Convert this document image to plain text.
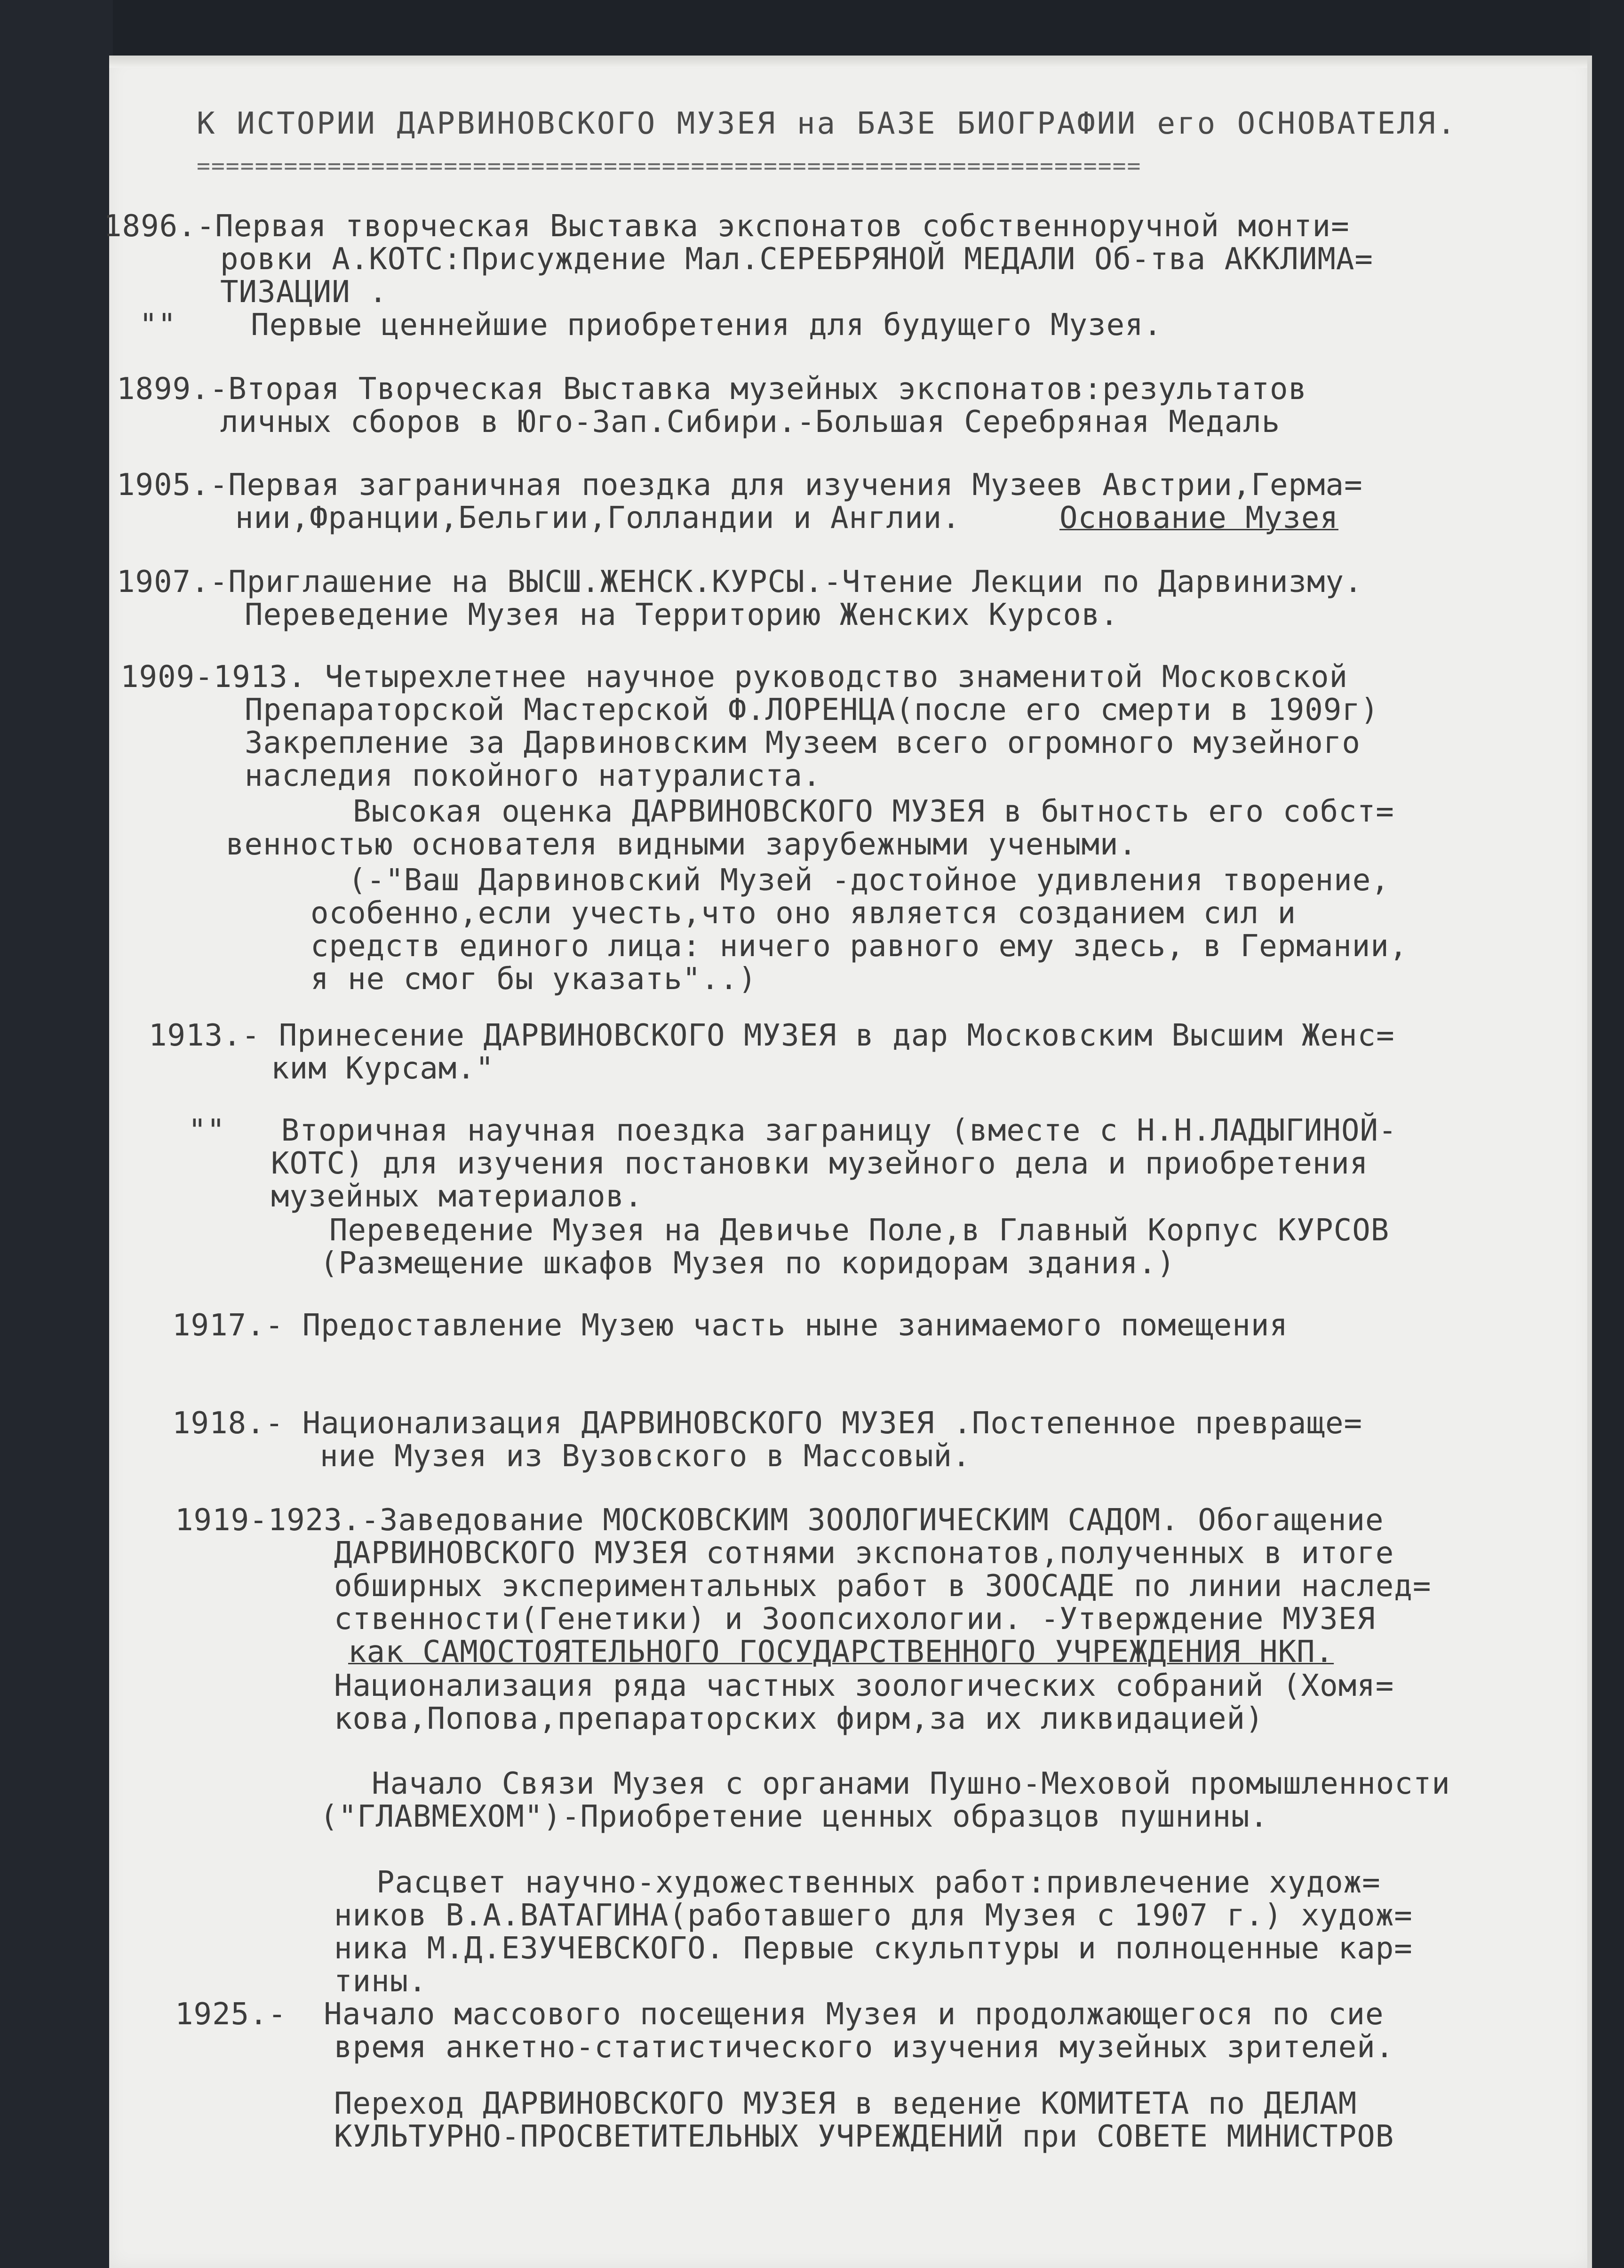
К ИСТОРИИ ДАРВИНОВСКОГО МУЗЕЯ на БАЗЕ БИОГРАФИИ его ОСНОВАТЕЛЯ.
=================================================================
1896.-Первая творческая Выставка экспонатов собственноручной монти=
ровки А.КОТС:Присуждение Мал.СЕРЕБРЯНОЙ МЕДАЛИ Об-тва АККЛИМА=
ТИЗАЦИИ .
""    Первые ценнейшие приобретения для будущего Музея.
1899.-Вторая Творческая Выставка музейных экспонатов:результатов
личных сборов в Юго-Зап.Сибири.-Большая Серебряная Медаль
1905.-Первая заграничная поездка для изучения Музеев Австрии,Герма=
нии,Франции,Бельгии,Голландии и Англии.	Основание Музея
1907.-Приглашение на ВЫСШ.ЖЕНСК.КУРСЫ.-Чтение Лекции по Дарвинизму.
Переведение Музея на Территорию Женских Курсов.
1909-1913. Четырехлетнее научное руководство знаменитой Московской
Препараторской Мастерской Ф.ЛОРЕНЦА(после его смерти в 1909г)
Закрепление за Дарвиновским Музеем всего огромного музейного
наследия покойного натуралиста.
Высокая оценка ДАРВИНОВСКОГО МУЗЕЯ в бытность его собст=
венностью основателя видными зарубежными учеными.
(-"Ваш Дарвиновский Музей -достойное удивления творение,
особенно,если учесть,что оно является созданием сил и
средств единого лица: ничего равного ему здесь, в Германии,
я не смог бы указать"..)
1913.- Принесение ДАРВИНОВСКОГО МУЗЕЯ в дар Московским Высшим Женс=
ким Курсам."
""   Вторичная научная поездка заграницу (вместе с Н.Н.ЛАДЫГИНОЙ-
КОТС) для изучения постановки музейного дела и приобретения
музейных материалов.
Переведение Музея на Девичье Поле,в Главный Корпус КУРСОВ
(Размещение шкафов Музея по коридорам здания.)
1917.- Предоставление Музею часть ныне занимаемого помещения
1918.- Национализация ДАРВИНОВСКОГО МУЗЕЯ .Постепенное превраще=
ние Музея из Вузовского в Массовый.
1919-1923.-Заведование МОСКОВСКИМ ЗООЛОГИЧЕСКИМ САДОМ. Обогащение
ДАРВИНОВСКОГО МУЗЕЯ сотнями экспонатов,полученных в итоге
обширных экспериментальных работ в ЗООСАДЕ по линии наслед=
ственности(Генетики) и Зоопсихологии. -Утверждение МУЗЕЯ
как САМОСТОЯТЕЛЬНОГО ГОСУДАРСТВЕННОГО УЧРЕЖДЕНИЯ НКП.
Национализация ряда частных зоологических собраний (Хомя=
кова,Попова,препараторских фирм,за их ликвидацией)
Начало Связи Музея с органами Пушно-Меховой промышленности
("ГЛАВМЕХОМ")-Приобретение ценных образцов пушнины.
Расцвет научно-художественных работ:привлечение худож=
ников В.А.ВАТАГИНА(работавшего для Музея с 1907 г.) худож=
ника М.Д.ЕЗУЧЕВСКОГО. Первые скульптуры и полноценные кар=
тины.
1925.-  Начало массового посещения Музея и продолжающегося по сие
время анкетно-статистического изучения музейных зрителей.
Переход ДАРВИНОВСКОГО МУЗЕЯ в ведение КОМИТЕТА по ДЕЛАМ
КУЛЬТУРНО-ПРОСВЕТИТЕЛЬНЫХ УЧРЕЖДЕНИЙ при СОВЕТЕ МИНИСТРОВ
